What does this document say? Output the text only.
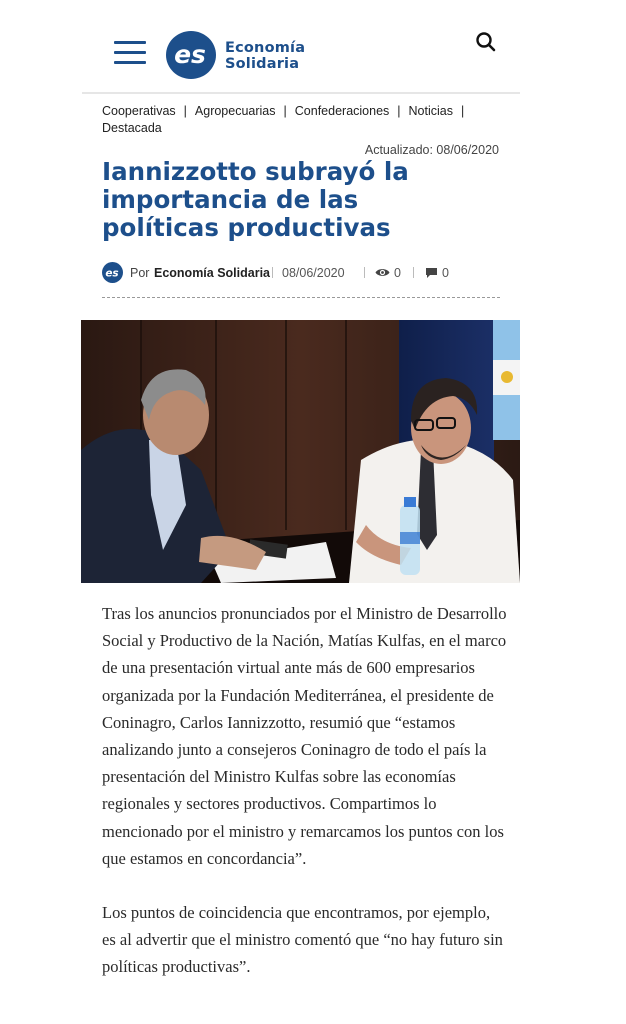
es Economía
Solidaria
Cooperativas | Agropecuarias | Confederaciones | Noticias |
Destacada
Actualizado: 08/06/2020
Iannizzotto subrayó la importancia de las políticas productivas
es Por Economía Solidaria 08/06/2020	0	0

Tras los anuncios pronunciados por el Ministro de Desarrollo Social y Productivo de la Nación, Matías Kulfas, en el marco de una presentación virtual ante más de 600 empresarios organizada por la Fundación Mediterránea, el presidente de Coninagro, Carlos Iannizzotto, resumió que “estamos analizando junto a consejeros Coninagro de todo el país la presentación del Ministro Kulfas sobre las economías regionales y sectores productivos. Compartimos lo mencionado por el ministro y remarcamos los puntos con los que estamos en concordancia”.

Los puntos de coincidencia que encontramos, por ejemplo, es al advertir que el ministro comentó que “no hay futuro sin políticas productivas”.
